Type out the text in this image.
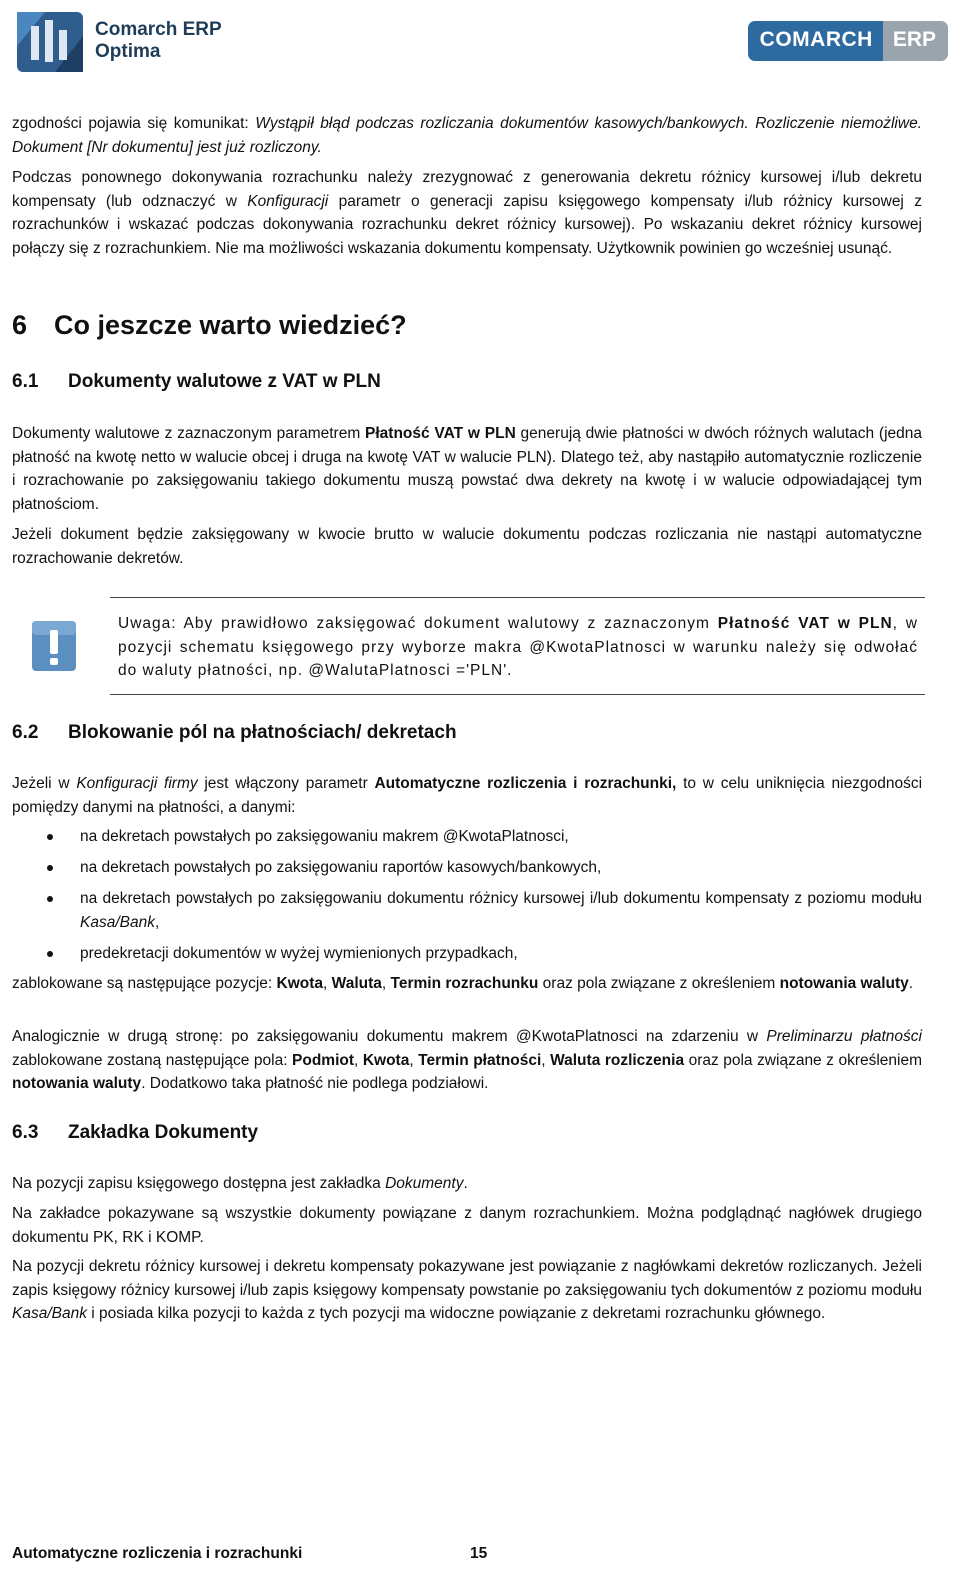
Comarch ERP
Optima
COMARCH ERP

zgodności pojawia się komunikat: Wystąpił błąd podczas rozliczania dokumentów kasowych/bankowych. Rozliczenie niemożliwe. Dokument [Nr dokumentu] jest już rozliczony.

Podczas ponownego dokonywania rozrachunku należy zrezygnować z generowania dekretu różnicy kursowej i/lub dekretu kompensaty (lub odznaczyć w Konfiguracji parametr o generacji zapisu księgowego kompensaty i/lub różnicy kursowej z rozrachunków i wskazać podczas dokonywania rozrachunku dekret różnicy kursowej). Po wskazaniu dekret różnicy kursowej połączy się z rozrachunkiem. Nie ma możliwości wskazania dokumentu kompensaty. Użytkownik powinien go wcześniej usunąć.

6 Co jeszcze warto wiedzieć?
6.1 Dokumenty walutowe z VAT w PLN

Dokumenty walutowe z zaznaczonym parametrem Płatność VAT w PLN generują dwie płatności w dwóch różnych walutach (jedna płatność na kwotę netto w walucie obcej i druga na kwotę VAT w walucie PLN). Dlatego też, aby nastąpiło automatycznie rozliczenie i rozrachowanie po zaksięgowaniu takiego dokumentu muszą powstać dwa dekrety na kwotę i w walucie odpowiadającej tym płatnościom.

Jeżeli dokument będzie zaksięgowany w kwocie brutto w walucie dokumentu podczas rozliczania nie nastąpi automatyczne rozrachowanie dekretów.

Uwaga: Aby prawidłowo zaksięgować dokument walutowy z zaznaczonym Płatność VAT w PLN, w pozycji schematu księgowego przy wyborze makra @KwotaPlatnosci w warunku należy się odwołać do waluty płatności, np. @WalutaPlatnosci ='PLN'.

6.2 Blokowanie pól na płatnościach/ dekretach

Jeżeli w Konfiguracji firmy jest włączony parametr Automatyczne rozliczenia i rozrachunki, to w celu uniknięcia niezgodności pomiędzy danymi na płatności, a danymi:

na dekretach powstałych po zaksięgowaniu makrem @KwotaPlatnosci,
na dekretach powstałych po zaksięgowaniu raportów kasowych/bankowych,
na dekretach powstałych po zaksięgowaniu dokumentu różnicy kursowej i/lub dokumentu kompensaty z poziomu modułu Kasa/Bank,
predekretacji dokumentów w wyżej wymienionych przypadkach,

zablokowane są następujące pozycje: Kwota, Waluta, Termin rozrachunku oraz pola związane z określeniem notowania waluty.

Analogicznie w drugą stronę: po zaksięgowaniu dokumentu makrem @KwotaPlatnosci na zdarzeniu w Preliminarzu płatności zablokowane zostaną następujące pola: Podmiot, Kwota, Termin płatności, Waluta rozliczenia oraz pola związane z określeniem notowania waluty. Dodatkowo taka płatność nie podlega podziałowi.

6.3 Zakładka Dokumenty

Na pozycji zapisu księgowego dostępna jest zakładka Dokumenty.

Na zakładce pokazywane są wszystkie dokumenty powiązane z danym rozrachunkiem. Można podglądnąć nagłówek drugiego dokumentu PK, RK i KOMP.

Na pozycji dekretu różnicy kursowej i dekretu kompensaty pokazywane jest powiązanie z nagłówkami dekretów rozliczanych. Jeżeli zapis księgowy różnicy kursowej i/lub zapis księgowy kompensaty powstanie po zaksięgowaniu tych dokumentów z poziomu modułu Kasa/Bank i posiada kilka pozycji to każda z tych pozycji ma widoczne powiązanie z dekretami rozrachunku głównego.

Automatyczne rozliczenia i rozrachunki	15
